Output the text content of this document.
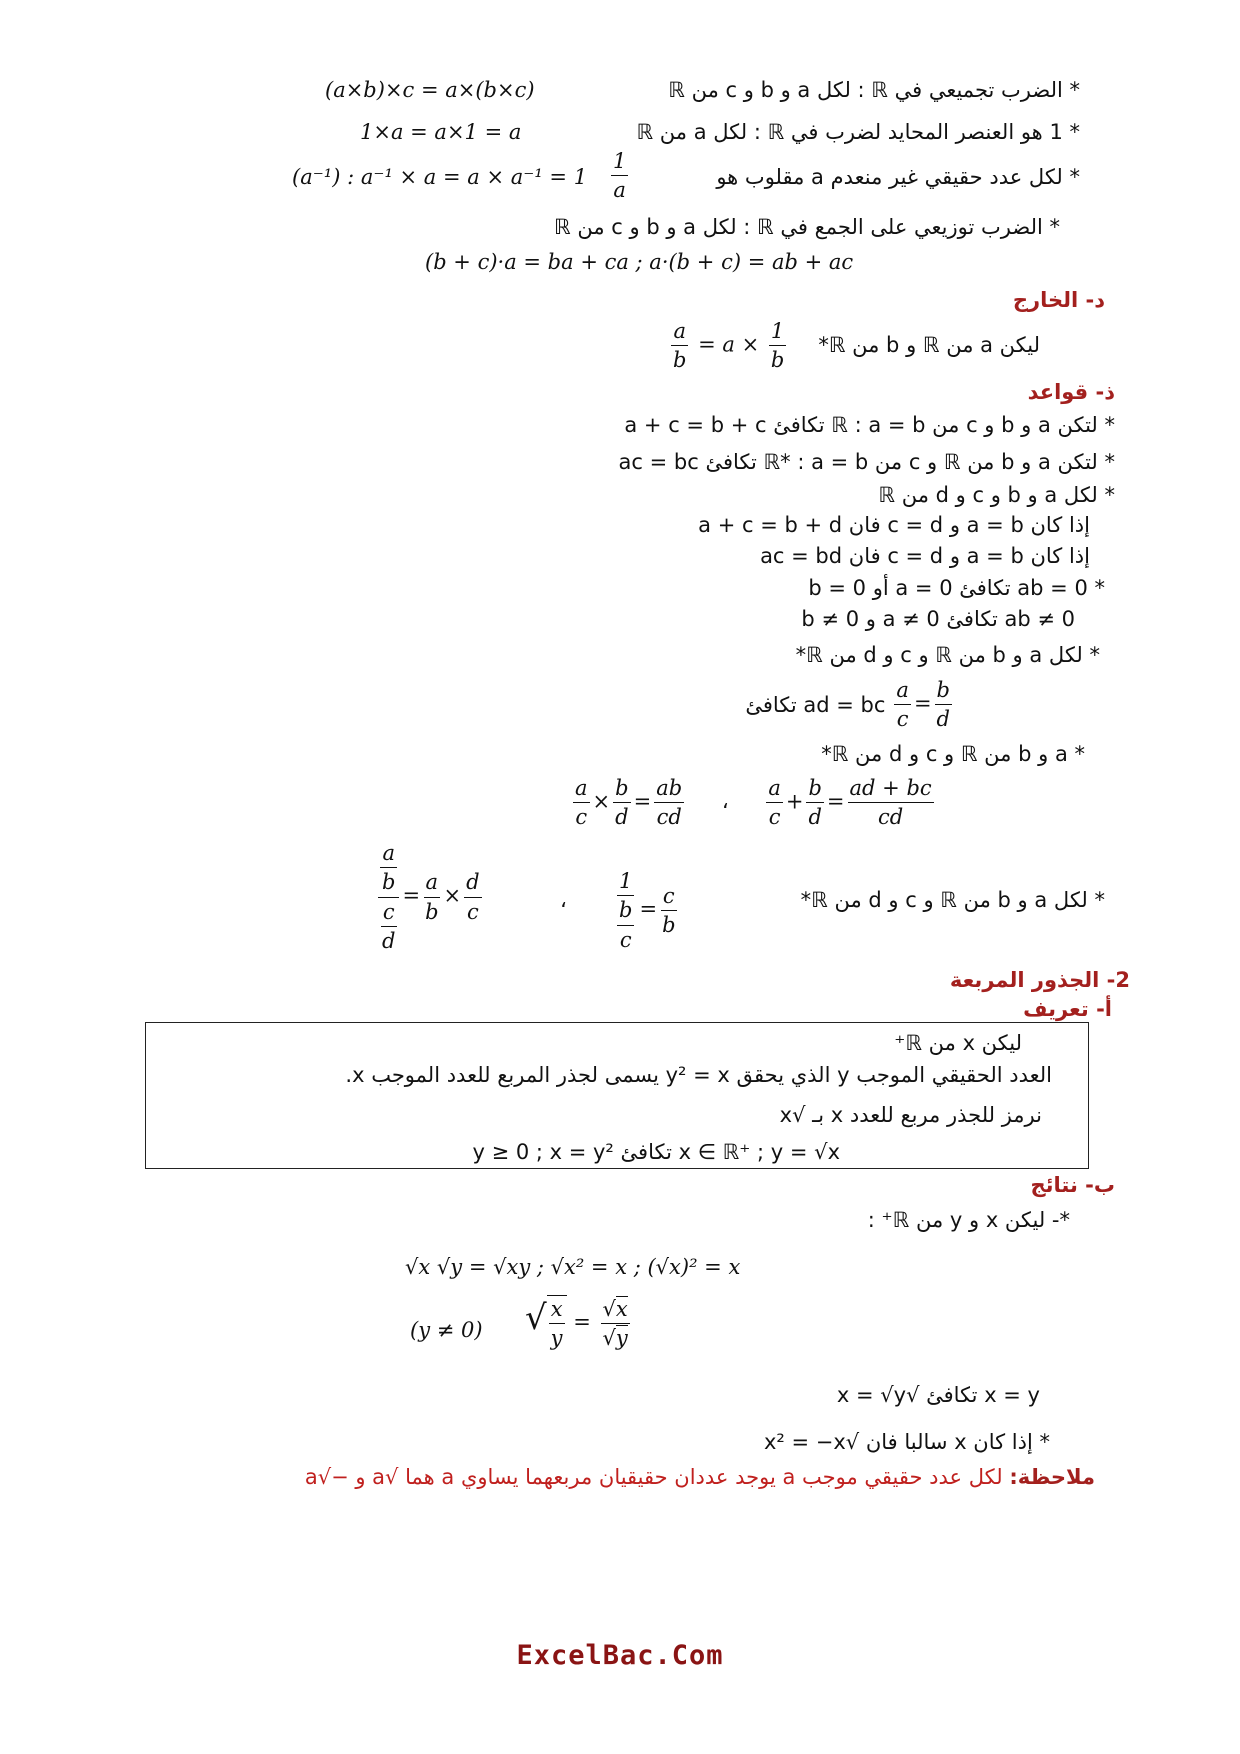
* الضرب تجميعي في ℝ : لكل a و b و c من ℝ
(a×b)×c = a×(b×c)
* 1 هو العنصر المحايد لضرب في ℝ : لكل a من ℝ
1×a = a×1 = a
* لكل عدد حقيقي غير منعدم a مقلوب هو
$\frac{1}{a}$
(a⁻¹) : a⁻¹ × a = a × a⁻¹ = 1
* الضرب توزيعي على الجمع في ℝ : لكل a و b و c من ℝ
(b + c)·a = ba + ca ; a·(b + c) = ab + ac
د- الخارج
ليكن a من ℝ و b من ℝ*
$\frac{a}{b} = a \times \frac{1}{b}$
ذ- قواعد
* لتكن a و b و c من ℝ : a = b تكافئ a + c = b + c
* لتكن a و b من ℝ و c من ℝ* : a = b تكافئ ac = bc
* لكل a و b و c و d من ℝ
إذا كان a = b و c = d فان a + c = b + d
إذا كان a = b و c = d فان ac = bd
* ab = 0 تكافئ a = 0 أو b = 0
ab ≠ 0 تكافئ a ≠ 0 و b ≠ 0
* لكل a و b من ℝ و c و d من ℝ*
$\frac{a}{c} = \frac{b}{d}$
ad = bc تكافئ
* a و b من ℝ و c و d من ℝ*
$\frac{a}{c} \times \frac{b}{d} = \frac{ab}{cd}$ ، $\frac{a}{c} + \frac{b}{d} = \frac{ad + bc}{cd}$
* لكل a و b من ℝ و c و d من ℝ*
$\frac{\frac{a}{b}}{\frac{c}{d}} = \frac{a}{b} \times \frac{d}{c}$	، $\frac{1}{\frac{b}{c}} = \frac{c}{b}$
2- الجذور المربعة
أ- تعريف
ليكن x من ℝ⁺
العدد الحقيقي الموجب y الذي يحقق y² = x يسمى لجذر المربع للعدد الموجب x.
نرمز للجذر مربع للعدد x بـ √x
x ∈ ℝ⁺ ; y = √x تكافئ y ≥ 0 ; x = y²
ب- نتائج
*- ليكن x و y من ℝ⁺ :
√x √y = √xy ; √x² = x ; (√x)² = x
(y ≠ 0) √ $\frac{x}{y} = \frac{√x}{√y}$
x = y تكافئ √x = √y
* إذا كان x سالبا فان √x² = −x
ملاحظة: لكل عدد حقيقي موجب a يوجد عددان حقيقيان مربعهما يساوي a هما √a و −√a
ExcelBac.Com
